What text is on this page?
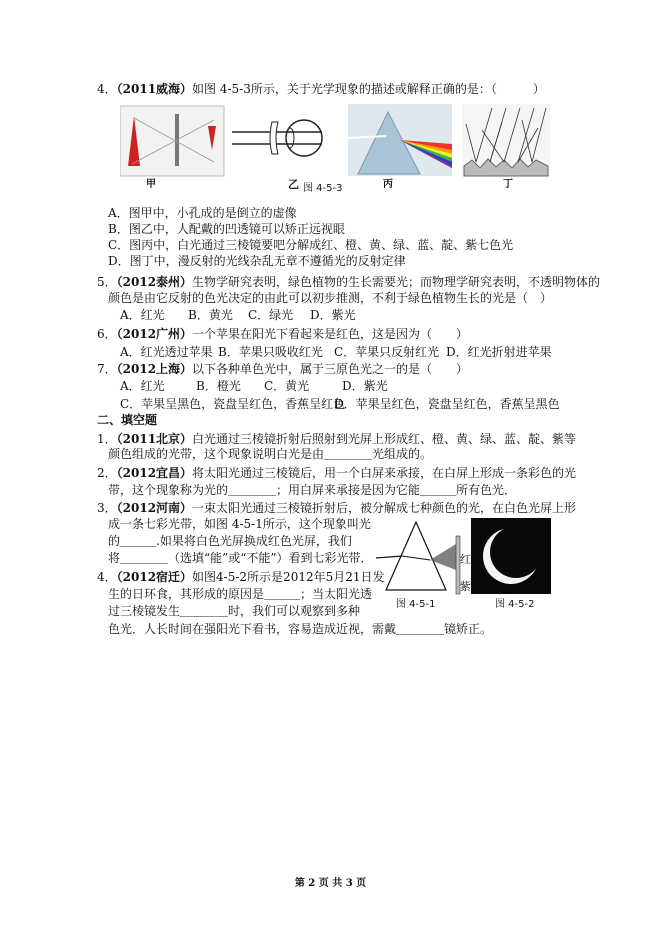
4．（2011威海）如图 4-5-3所示，关于光学现象的描述或解释正确的是：（　　　）
甲	乙 图 4-5-3	丙	丁
A．图甲中，小孔成的是倒立的虚像
B．图乙中，人配戴的凹透镜可以矫正远视眼
C．图丙中，白光通过三棱镜要吧分解成红、橙、黄、绿、蓝、靛、紫七色光
D．图丁中，漫反射的光线杂乱无章不遵循光的反射定律
5．（2012泰州）生物学研究表明，绿色植物的生长需要光；而物理学研究表明，不透明物体的
颜色是由它反射的色光决定的由此可以初步推测，不利于绿色植物生长的光是（　）
A．红光 B．黄光 C．绿光 D．紫光
6．（2012广州）一个苹果在阳光下看起来是红色，这是因为（　　）
A．红光透过苹果 B．苹果只吸收红光 C．苹果只反射红光 D．红光折射进苹果
7．（2012上海）以下各种单色光中，属于三原色光之一的是（　　）
A．红光	B．橙光 C．黄光	D．紫光
C．苹果呈黑色，瓷盘呈红色，香蕉呈红色
D．苹果呈红色，瓷盘呈红色，香蕉呈黑色
二、填空题
1．（2011北京）白光通过三棱镜折射后照射到光屏上形成红、橙、黄、绿、蓝、靛、紫等
颜色组成的光带，这个现象说明白光是由＿＿＿＿光组成的。
2．（2012宜昌）将太阳光通过三棱镜后，用一个白屏来承接，在白屏上形成一条彩色的光
带，这个现象称为光的＿＿＿＿；用白屏来承接是因为它能＿＿＿所有色光．
3．（2012河南）一束太阳光通过三棱镜折射后，被分解成七种颜色的光，在白色光屏上形
成一条七彩光带，如图 4-5-1所示，这个现象叫光
的＿＿＿.如果将白色光屏换成红色光屏，我们
将＿＿＿＿（选填“能”或“不能”）看到七彩光带．	红
紫
图 4-5-1	图 4-5-2
4．（2012宿迁）如图4-5-2所示是2012年5月21日发
生的日环食，其形成的原因是＿＿＿；当太阳光透
过三棱镜发生＿＿＿＿时，我们可以观察到多种
色光．人长时间在强阳光下看书，容易造成近视，需戴＿＿＿＿镜矫正。
第 2 页 共 3 页
